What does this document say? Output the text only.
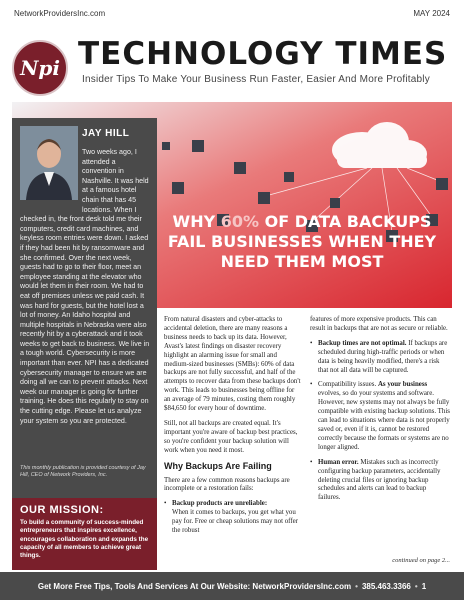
NetworkProvidersInc.com	MAY 2024
Npi TECHNOLOGY TIMES
Insider Tips To Make Your Business Run Faster, Easier And More Profitably
WHY 60% OF DATA BACKUPS FAIL BUSINESSES WHEN THEY NEED THEM MOST
JAY HILL
Two weeks ago, I attended a convention in Nashville. It was held at a famous hotel chain that has 45 locations. When I
checked in, the front desk told me their computers, credit card machines, and keyless room entries were down. I asked if they had been hit by ransomware and she confirmed. Over the next week, guests had to go to their floor, meet an employee standing at the elevator who would let them in their room. We had to eat off premises unless we paid cash. It was hard for guests, but the hotel lost a lot of money. An Idaho hospital and multiple hospitals in Nebraska were also recently hit by a cyberattack and it took weeks to get back to business. We live in a tough world. Cybersecurity is more important than ever. NPI has a dedicated cybersecurity manager to ensure we are doing all we can to prevent attacks. Next week our manager is going for further training. He does this regularly to stay on the cutting edge. Please let us analyze your system so you are protected.
This monthly publication is provided courtesy of Jay Hill, CEO of Network Providers, Inc.
OUR MISSION:
To build a community of success-minded entrepreneurs that inspires excellence, encourages collaboration and expands the capacity of all members to achieve great things.

From natural disasters and cyber-attacks to accidental deletion, there are many reasons a business needs to back up its data. However, Avast's latest findings on disaster recovery highlight an alarming issue for small and medium-sized businesses (SMBs): 60% of data backups are not fully successful, and half of the attempts to recover data from these backups don't work. This leads to businesses being offline for an average of 79 minutes, costing them roughly $84,650 for every hour of downtime.

Still, not all backups are created equal. It's important you're aware of backup best practices, so you're confident your backup solution will work when you need it most.

Why Backups Are Failing

There are a few common reasons backups are incomplete or a restoration fails:

• Backup products are unreliable:
When it comes to backups, you get what you pay for. Free or cheap solutions may not offer the robust

features of more expensive products. This can result in backups that are not as secure or reliable.

• Backup times are not optimal. If backups are scheduled during high-traffic periods or when data is being heavily modified, there's a risk that not all data will be captured.
• Compatibility issues. As your business evolves, so do your systems and software. However, new systems may not always be fully compatible with existing backup solutions. This can lead to situations where data is not properly saved or, even if it is, cannot be restored correctly because the formats or systems are no longer aligned.
• Human error. Mistakes such as incorrectly configuring backup parameters, accidentally deleting crucial files or ignoring backup schedules and alerts can lead to backup failures.
continued on page 2...
Get More Free Tips, Tools And Services At Our Website: NetworkProvidersInc.com • 385.463.3366 • 1
